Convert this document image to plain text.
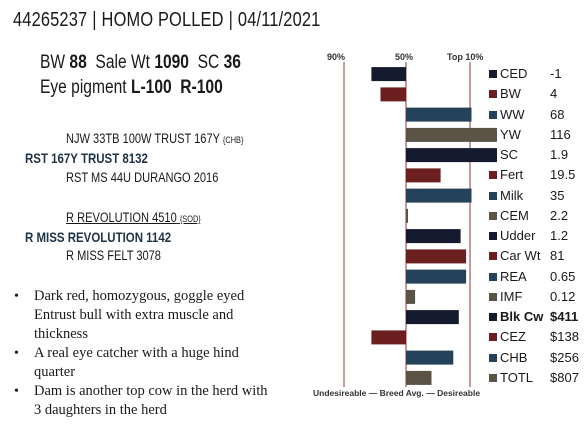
44265237 | HOMO POLLED | 04/11/2021
BW 88 Sale Wt 1090 SC 36
Eye pigment L-100 R-100
NJW 33TB 100W TRUST 167Y {CHB}
RST 167Y TRUST 8132
RST MS 44U DURANGO 2016
R REVOLUTION 4510 {SOD}
R MISS REVOLUTION 1142
R MISS FELT 3078
• Dark red, homozygous, goggle eyed Entrust bull with extra muscle and thickness
• A real eye catcher with a huge hind quarter
• Dam is another top cow in the herd with 3 daughters in the herd
90%	50%	Top 10%
CED	-1
BW	4
WW	68
YW	116
SC	1.9
Fert	19.5
Milk	35
CEM	2.2
Udder	1.2
Car Wt 81
REA	0.65
IMF	0.12
Blk Cw $411
CEZ	$138
CHB	$256
TOTL	$807
Undesireable — Breed Avg. — Desireable
